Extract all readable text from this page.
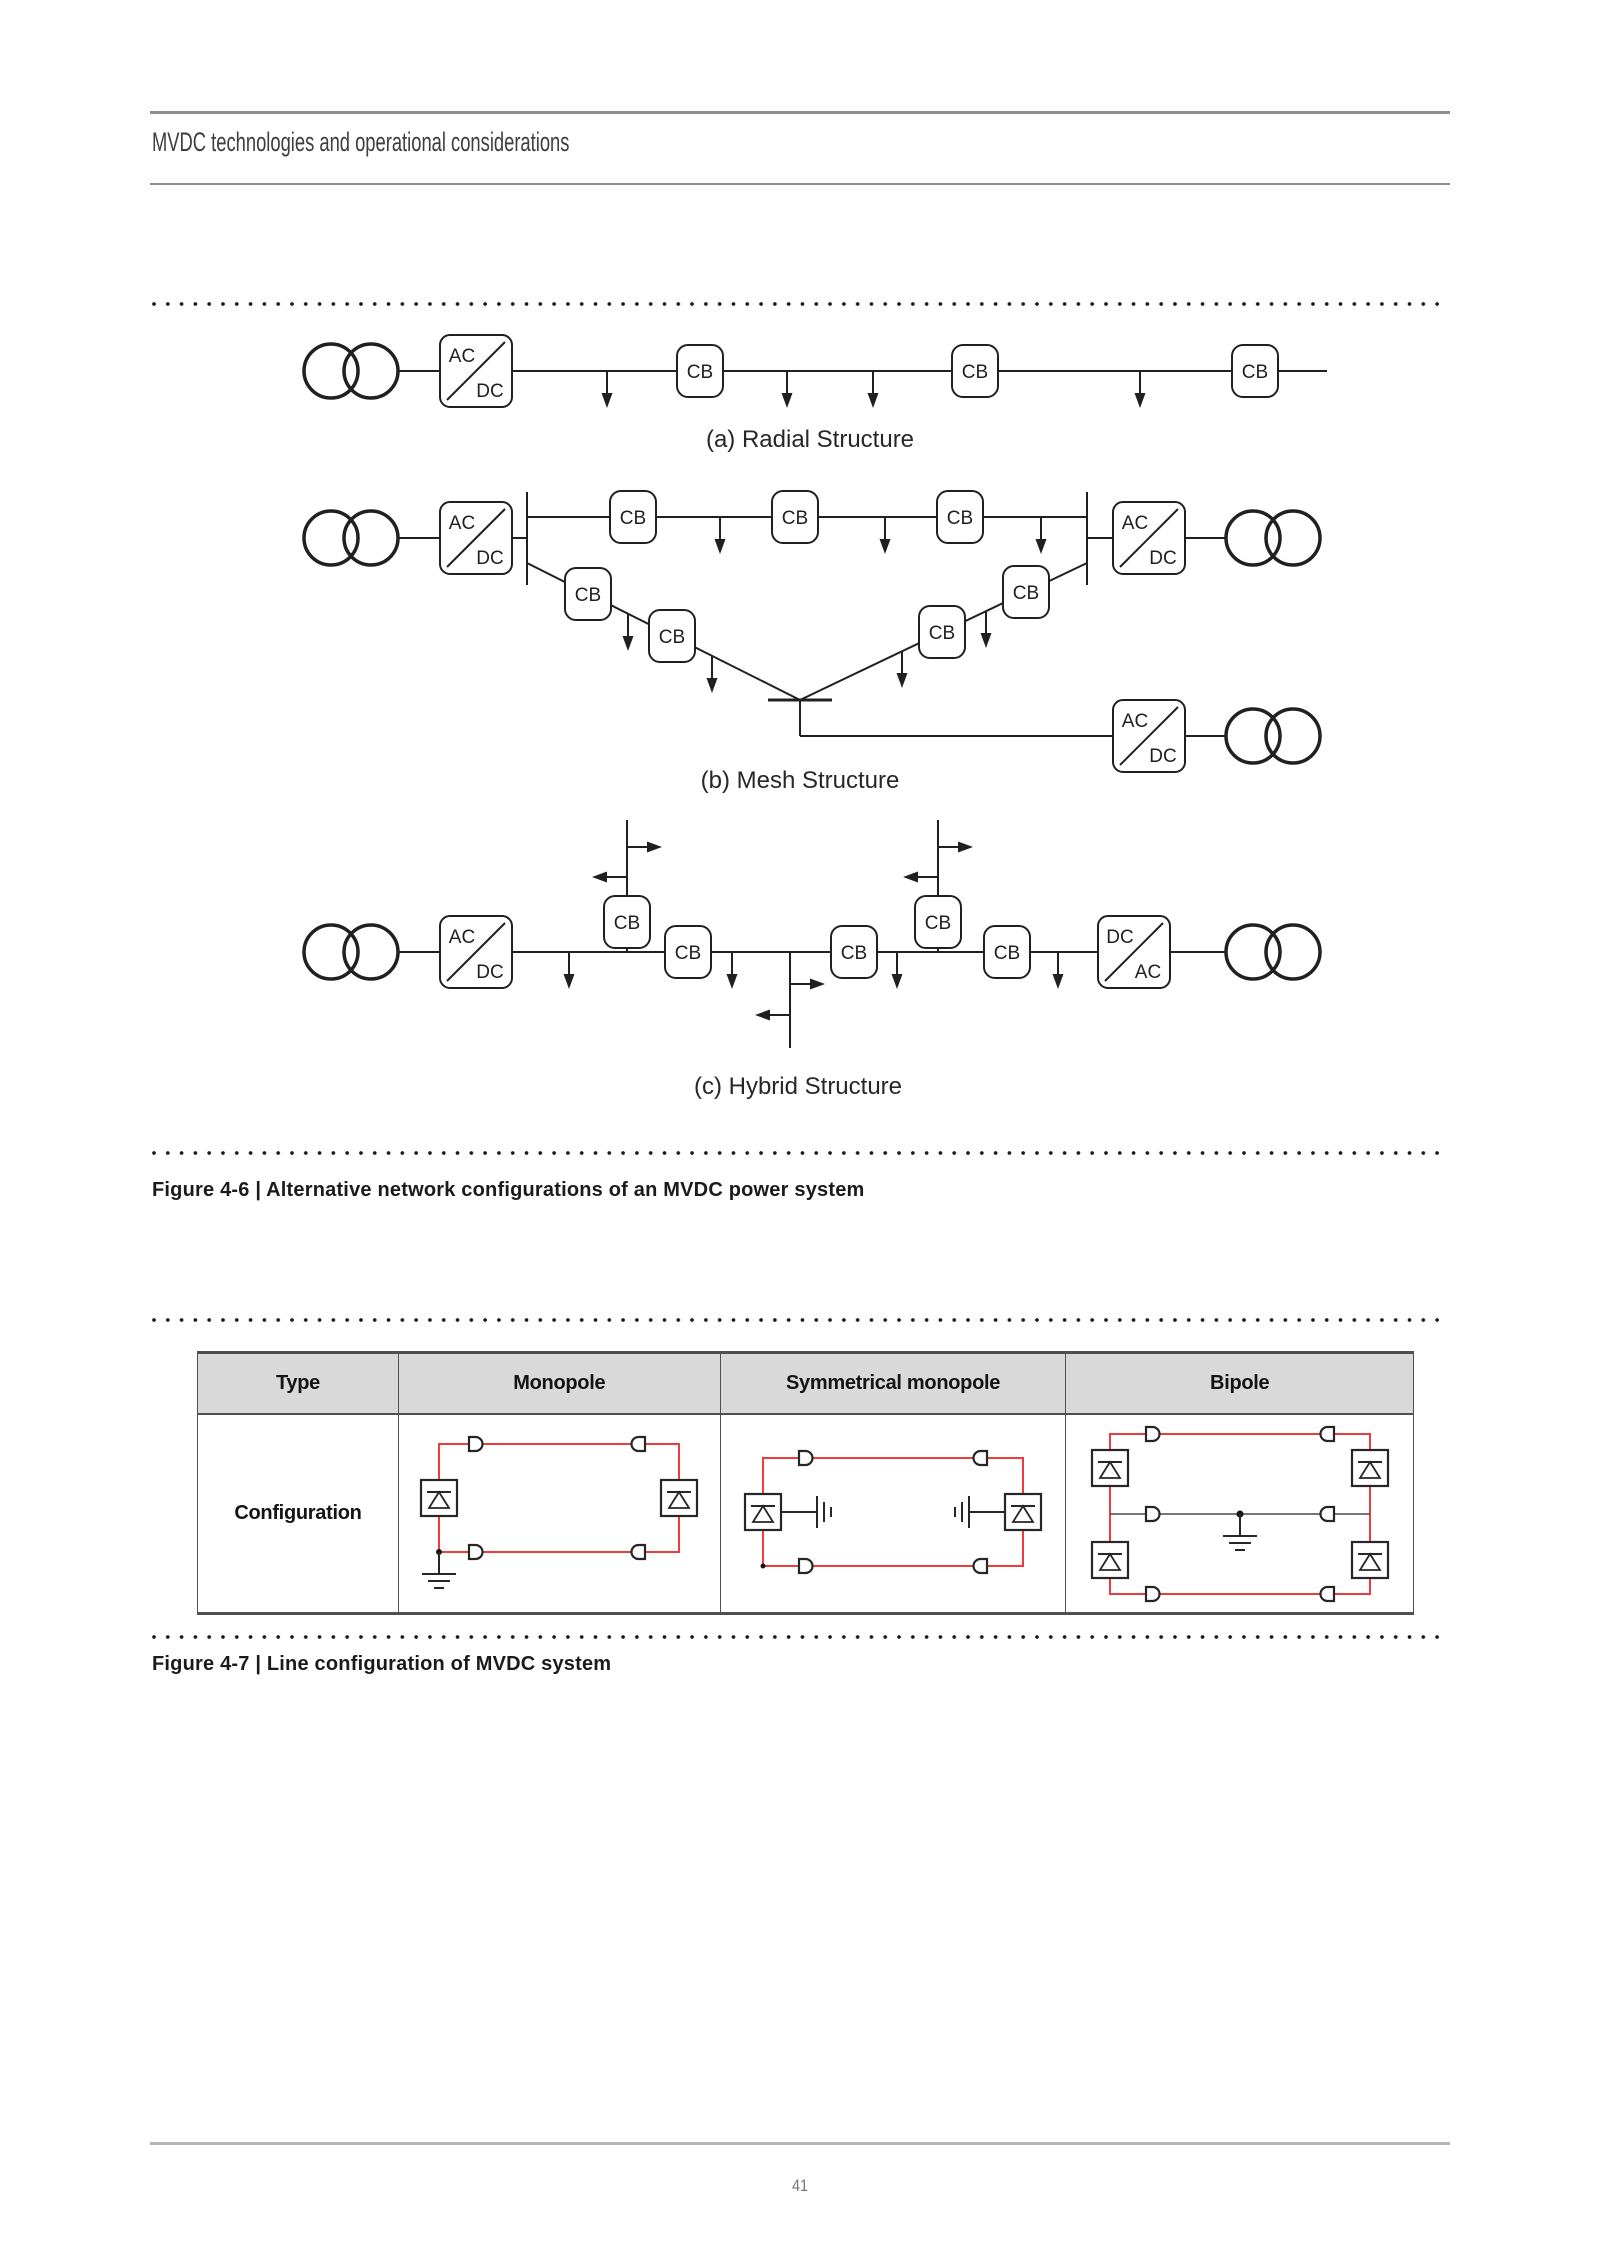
MVDC technologies and operational considerations
(a) Radial Structure
(b) Mesh Structure
(c) Hybrid Structure
Figure 4-6 | Alternative network configurations of an MVDC power system
Type	Monopole	Symmetrical monopole	Bipole
Configuration
Figure 4-7 | Line configuration of MVDC system
41
